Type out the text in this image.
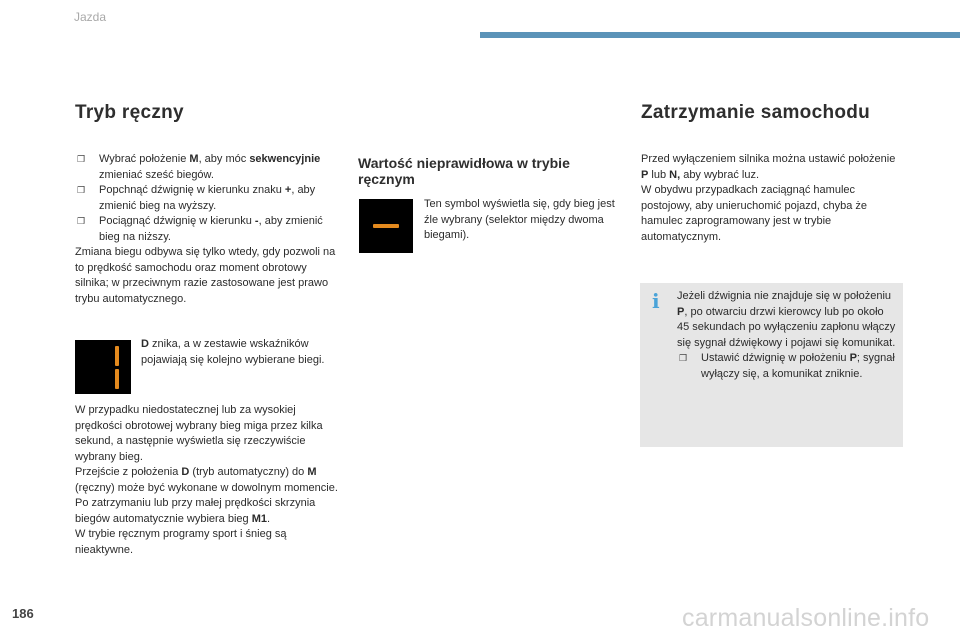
Jazda
Tryb ręczny
❒ Wybrać położenie M, aby móc sekwencyjnie zmieniać sześć biegów.
❒ Popchnąć dźwignię w kierunku znaku +, aby zmienić bieg na wyższy.
❒ Pociągnąć dźwignię w kierunku -, aby zmienić bieg na niższy.
Zmiana biegu odbywa się tylko wtedy, gdy pozwoli na to prędkość samochodu oraz moment obrotowy silnika; w przeciwnym razie zastosowane jest prawo trybu automatycznego.
D znika, a w zestawie wskaźników pojawiają się kolejno wybierane biegi.
W przypadku niedostatecznej lub za wysokiej prędkości obrotowej wybrany bieg miga przez kilka sekund, a następnie wyświetla się rzeczywiście wybrany bieg.
Przejście z położenia D (tryb automatyczny) do M (ręczny) może być wykonane w dowolnym momencie.
Po zatrzymaniu lub przy małej prędkości skrzynia biegów automatycznie wybiera bieg M1.
W trybie ręcznym programy sport i śnieg są nieaktywne.
Wartość nieprawidłowa w trybie ręcznym
Ten symbol wyświetla się, gdy bieg jest źle wybrany (selektor między dwoma biegami).
Zatrzymanie samochodu
Przed wyłączeniem silnika można ustawić położenie P lub N, aby wybrać luz.
W obydwu przypadkach zaciągnąć hamulec postojowy, aby unieruchomić pojazd, chyba że hamulec zaprogramowany jest w trybie automatycznym.
i Jeżeli dźwignia nie znajduje się w położeniu P, po otwarciu drzwi kierowcy lub po około 45 sekundach po wyłączeniu zapłonu włączy się sygnał dźwiękowy i pojawi się komunikat.
❒ Ustawić dźwignię w położeniu P; sygnał wyłączy się, a komunikat zniknie.
186	carmanualsonline.info
